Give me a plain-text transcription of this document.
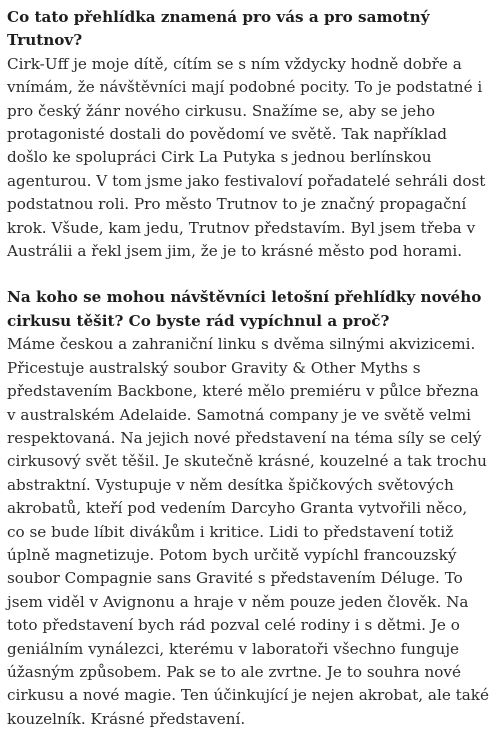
Co tato přehlídka znamená pro vás a pro samotný Trutnov?

Cirk-Uff je moje dítě, cítím se s ním vždycky hodně dobře a vnímám, že návštěvníci mají podobné pocity. To je podstatné i pro český žánr nového cirkusu. Snažíme se, aby se jeho protagonisté dostali do povědomí ve světě. Tak například došlo ke spolupráci Cirk La Putyka s jednou berlínskou agenturou. V tom jsme jako festivaloví pořadatelé sehráli dost podstatnou roli. Pro město Trutnov to je značný propagační krok. Všude, kam jedu, Trutnov představím. Byl jsem třeba v Austrálii a řekl jsem jim, že je to krásné město pod horami.

Na koho se mohou návštěvníci letošní přehlídky nového cirkusu těšit? Co byste rád vypíchnul a proč?

Máme českou a zahraniční linku s dvěma silnými akvizicemi. Přicestuje australský soubor Gravity & Other Myths s představením Backbone, které mělo premiéru v půlce března v australském Adelaide. Samotná company je ve světě velmi respektovaná. Na jejich nové představení na téma síly se celý cirkusový svět těšil. Je skutečně krásné, kouzelné a tak trochu abstraktní. Vystupuje v něm desítka špičkových světových akrobatů, kteří pod vedením Darcyho Granta vytvořili něco, co se bude líbit divákům i kritice. Lidi to představení totiž úplně magnetizuje. Potom bych určitě vypíchl francouzský soubor Compagnie sans Gravité s představením Déluge. To jsem viděl v Avignonu a hraje v něm pouze jeden člověk. Na toto představení bych rád pozval celé rodiny i s dětmi. Je o geniálním vynálezci, kterému v laboratoři všechno funguje úžasným způsobem. Pak se to ale zvrtne. Je to souhra nové cirkusu a nové magie. Ten účinkující je nejen akrobat, ale také kouzelník. Krásné představení.
